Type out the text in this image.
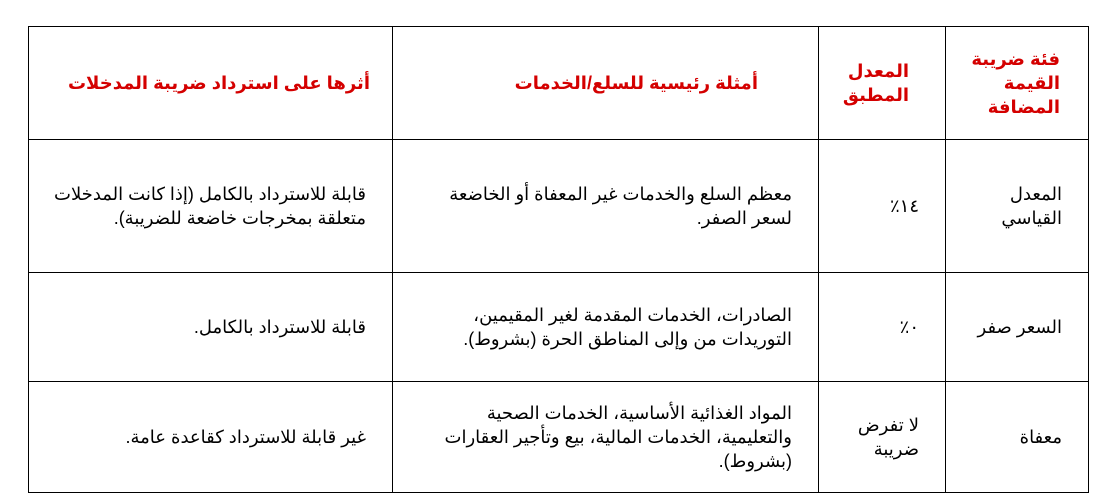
فئة ضريبة القيمة المضافة	المعدل المطبق	أمثلة رئيسية للسلع/الخدمات	أثرها على استرداد ضريبة المدخلات
المعدل القياسي	١٤٪	معظم السلع والخدمات غير المعفاة أو الخاضعة لسعر الصفر.	قابلة للاسترداد بالكامل (إذا كانت المدخلات متعلقة بمخرجات خاضعة للضريبة).
السعر صفر	٠٪	الصادرات، الخدمات المقدمة لغير المقيمين، التوريدات من وإلى المناطق الحرة (بشروط).	قابلة للاسترداد بالكامل.
معفاة	لا تفرض ضريبة	المواد الغذائية الأساسية، الخدمات الصحية والتعليمية، الخدمات المالية، بيع وتأجير العقارات (بشروط).	غير قابلة للاسترداد كقاعدة عامة.
